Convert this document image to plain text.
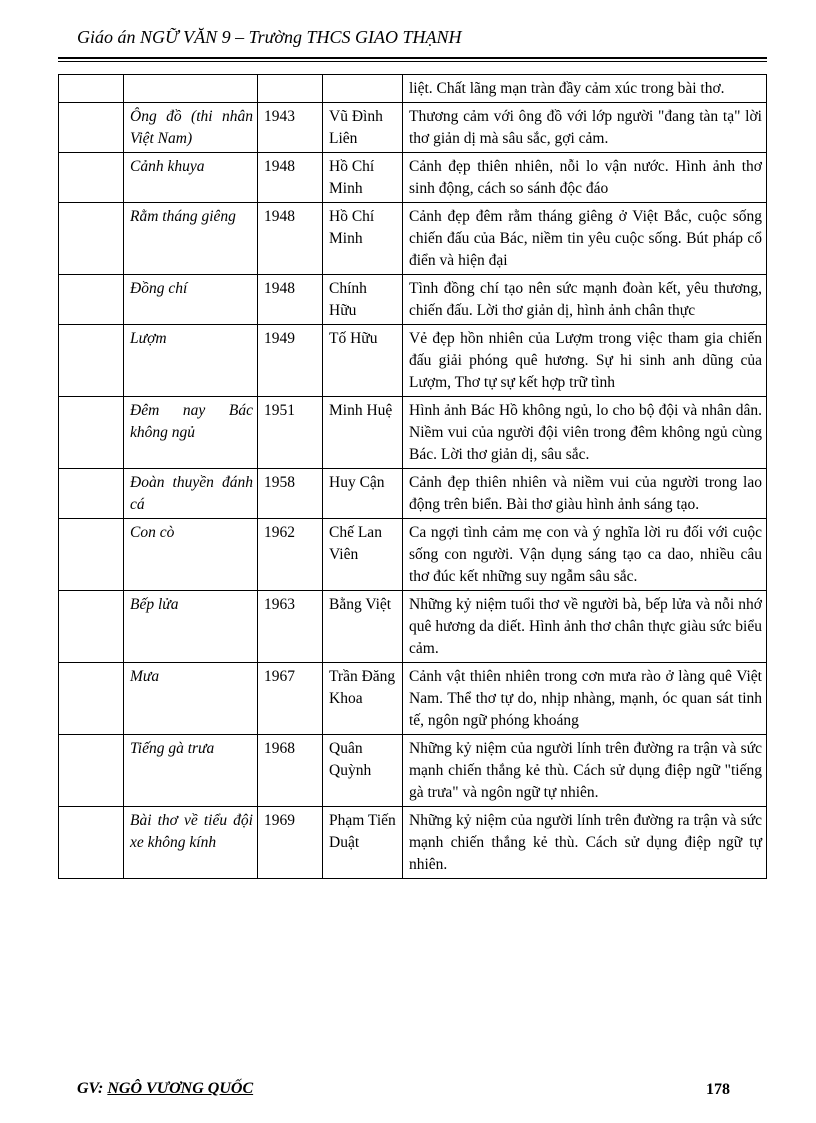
Giáo án NGỮ VĂN 9 – Trường THCS GIAO THẠNH
				liệt. Chất lãng mạn tràn đầy cảm xúc trong bài thơ.
	Ông đồ (thi nhân Việt Nam)	1943	Vũ Đình Liên	Thương cảm với ông đồ với lớp người "đang tàn tạ" lời thơ giản dị mà sâu sắc, gợi cảm.
	Cảnh khuya	1948	Hồ Chí Minh	Cảnh đẹp thiên nhiên, nỗi lo vận nước. Hình ảnh thơ sinh động, cách so sánh độc đáo
	Rằm tháng giêng	1948	Hồ Chí Minh	Cảnh đẹp đêm rằm tháng giêng ở Việt Bắc, cuộc sống chiến đấu của Bác, niềm tin yêu cuộc sống. Bút pháp cổ điển và hiện đại
	Đồng chí	1948	Chính Hữu	Tình đồng chí tạo nên sức mạnh đoàn kết, yêu thương, chiến đấu. Lời thơ giản dị, hình ảnh chân thực
	Lượm	1949	Tố Hữu	Vẻ đẹp hồn nhiên của Lượm trong việc tham gia chiến đấu giải phóng quê hương. Sự hi sinh anh dũng của Lượm, Thơ tự sự kết hợp trữ tình
	Đêm nay Bác không ngủ	1951	Minh Huệ	Hình ảnh Bác Hồ không ngủ, lo cho bộ đội và nhân dân. Niềm vui của người đội viên trong đêm không ngủ cùng Bác. Lời thơ giản dị, sâu sắc.
	Đoàn thuyền đánh cá	1958	Huy Cận	Cảnh đẹp thiên nhiên và niềm vui của người trong lao động trên biển. Bài thơ giàu hình ảnh sáng tạo.
	Con cò	1962	Chế Lan Viên	Ca ngợi tình cảm mẹ con và ý nghĩa lời ru đối với cuộc sống con người. Vận dụng sáng tạo ca dao, nhiều câu thơ đúc kết những suy ngẫm sâu sắc.
	Bếp lửa	1963	Bằng Việt	Những kỷ niệm tuổi thơ về người bà, bếp lửa và nỗi nhớ quê hương da diết. Hình ảnh thơ chân thực giàu sức biểu cảm.
	Mưa	1967	Trần Đăng Khoa	Cảnh vật thiên nhiên trong cơn mưa rào ở làng quê Việt Nam. Thể thơ tự do, nhịp nhàng, mạnh, óc quan sát tinh tế, ngôn ngữ phóng khoáng
	Tiếng gà trưa	1968	Quân Quỳnh	Những kỷ niệm của người lính trên đường ra trận và sức mạnh chiến thắng kẻ thù. Cách sử dụng điệp ngữ "tiếng gà trưa" và ngôn ngữ tự nhiên.
	Bài thơ về tiểu đội xe không kính	1969	Phạm Tiến Duật	Những kỷ niệm của người lính trên đường ra trận và sức mạnh chiến thắng kẻ thù. Cách sử dụng điệp ngữ tự nhiên.
GV: NGÔ VƯƠNG QUỐC	178
